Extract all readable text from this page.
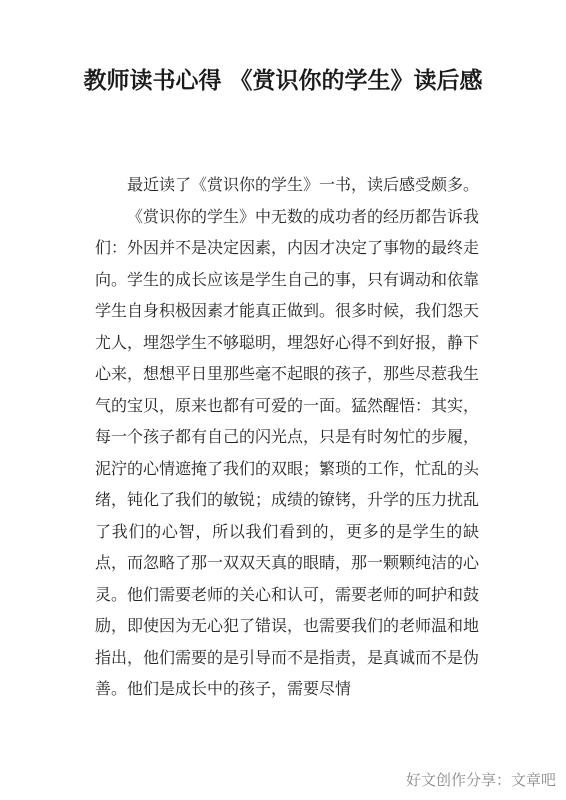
教师读书心得 《赏识你的学生》读后感

最近读了《赏识你的学生》一书，读后感受颇多。

《赏识你的学生》中无数的成功者的经历都告诉我们：外因并不是决定因素，内因才决定了事物的最终走向。学生的成长应该是学生自己的事，只有调动和依靠学生自身积极因素才能真正做到。很多时候，我们怨天尤人，埋怨学生不够聪明，埋怨好心得不到好报，静下心来，想想平日里那些毫不起眼的孩子，那些尽惹我生气的宝贝，原来也都有可爱的一面。猛然醒悟：其实，每一个孩子都有自己的闪光点，只是有时匆忙的步履，泥泞的心情遮掩了我们的双眼；繁琐的工作，忙乱的头绪，钝化了我们的敏锐；成绩的镣铐，升学的压力扰乱了我们的心智，所以我们看到的，更多的是学生的缺点，而忽略了那一双双天真的眼睛，那一颗颗纯洁的心灵。他们需要老师的关心和认可，需要老师的呵护和鼓励，即使因为无心犯了错误，也需要我们的老师温和地指出，他们需要的是引导而不是指责，是真诚而不是伪善。他们是成长中的孩子，需要尽情

好文创作分享：文章吧
